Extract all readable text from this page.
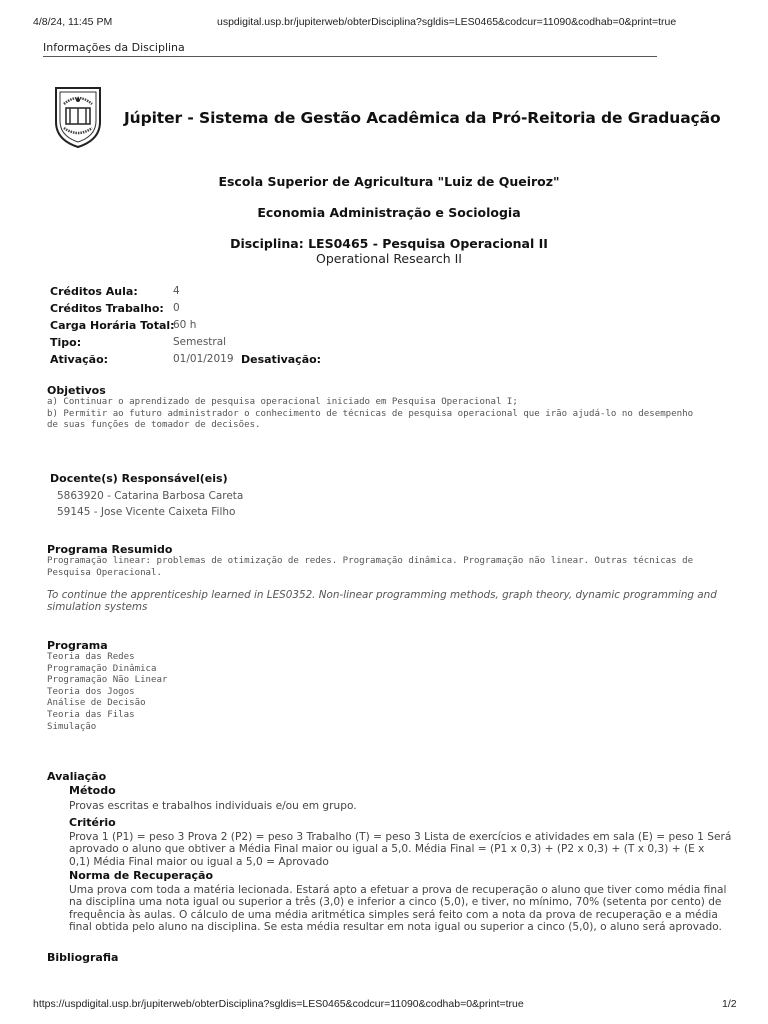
4/8/24, 11:45 PM	uspdigital.usp.br/jupiterweb/obterDisciplina?sgldis=LES0465&codcur=11090&codhab=0&print=true
Informações da Disciplina
Júpiter - Sistema de Gestão Acadêmica da Pró-Reitoria de Graduação
Escola Superior de Agricultura "Luiz de Queiroz"
Economia Administração e Sociologia
Disciplina: LES0465 - Pesquisa Operacional II
Operational Research II
Créditos Aula:	4
Créditos Trabalho: 0
Carga Horária Total:
60 h
Tipo:	Semestral
Ativação:	01/01/2019 Desativação:
Objetivos
a) Continuar o aprendizado de pesquisa operacional iniciado em Pesquisa Operacional I;
b) Permitir ao futuro administrador o conhecimento de técnicas de pesquisa operacional que irão ajudá-lo no desempenho
de suas funções de tomador de decisões.
Docente(s) Responsável(eis)
5863920 - Catarina Barbosa Careta
59145 - Jose Vicente Caixeta Filho
Programa Resumido
Programação linear: problemas de otimização de redes. Programação dinâmica. Programação não linear. Outras técnicas de
Pesquisa Operacional.
To continue the apprenticeship learned in LES0352. Non-linear programming methods, graph theory, dynamic programming and
simulation systems
Programa
Teoria das Redes
Programação Dinâmica
Programação Não Linear
Teoria dos Jogos
Análise de Decisão
Teoria das Filas
Simulação
Avaliação
Método
Provas escritas e trabalhos individuais e/ou em grupo.
Critério
Prova 1 (P1) = peso 3 Prova 2 (P2) = peso 3 Trabalho (T) = peso 3 Lista de exercícios e atividades em sala (E) = peso 1 Será
aprovado o aluno que obtiver a Média Final maior ou igual a 5,0. Média Final = (P1 x 0,3) + (P2 x 0,3) + (T x 0,3) + (E x
0,1) Média Final maior ou igual a 5,0 = Aprovado
Norma de Recuperação
Uma prova com toda a matéria lecionada. Estará apto a efetuar a prova de recuperação o aluno que tiver como média final
na disciplina uma nota igual ou superior a três (3,0) e inferior a cinco (5,0), e tiver, no mínimo, 70% (setenta por cento) de
frequência às aulas. O cálculo de uma média aritmética simples será feito com a nota da prova de recuperação e a média
final obtida pelo aluno na disciplina. Se esta média resultar em nota igual ou superior a cinco (5,0), o aluno será aprovado.
Bibliografia
https://uspdigital.usp.br/jupiterweb/obterDisciplina?sgldis=LES0465&codcur=11090&codhab=0&print=true	1/2
